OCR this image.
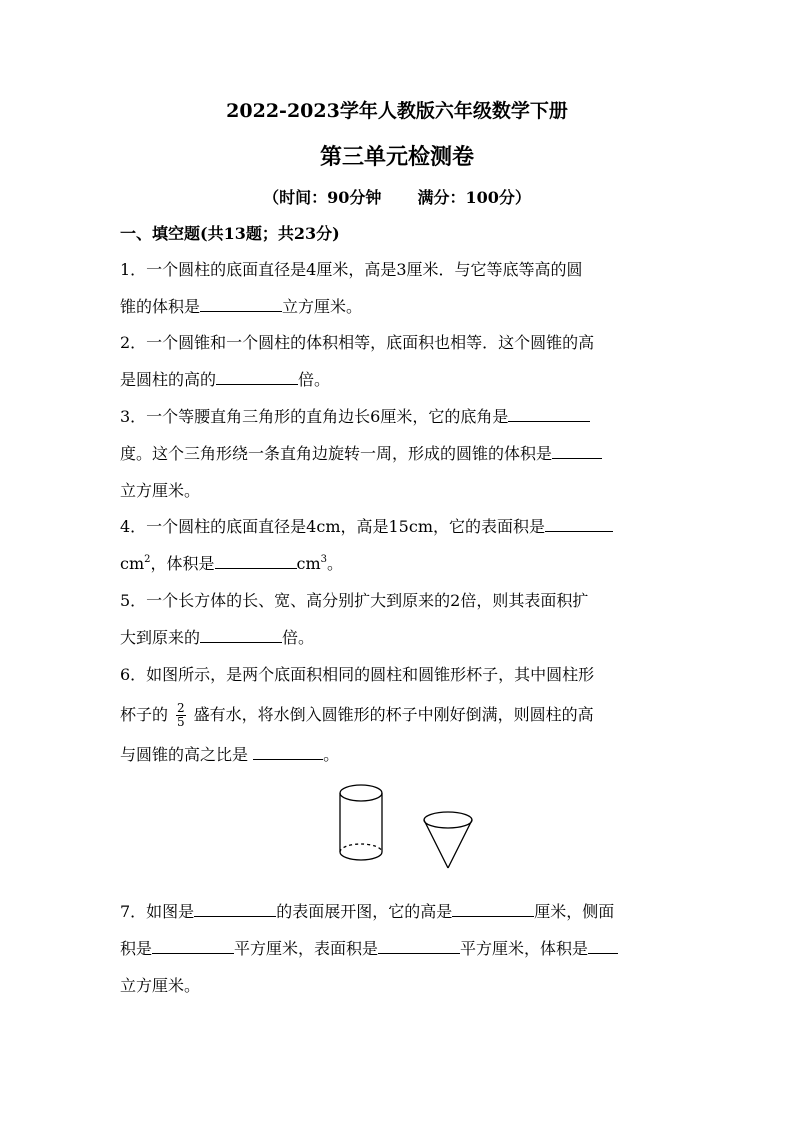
2022-2023学年人教版六年级数学下册
第三单元检测卷
（时间：90分钟 满分：100分）
一、填空题(共13题；共23分)

1．一个圆柱的底面直径是4厘米，高是3厘米．与它等底等高的圆

锥的体积是	立方厘米。

2．一个圆锥和一个圆柱的体积相等，底面积也相等．这个圆锥的高

是圆柱的高的	倍。

3．一个等腰直角三角形的直角边长6厘米，它的底角是

度。这个三角形绕一条直角边旋转一周，形成的圆锥的体积是

立方厘米。

4．一个圆柱的底面直径是4cm，高是15cm，它的表面积是

$cm^2$，体积是	$cm^3$。

5．一个长方体的长、宽、高分别扩大到原来的2倍，则其表面积扩

大到原来的	倍。

6．如图所示，是两个底面积相同的圆柱和圆锥形杯子，其中圆柱形

杯子的 $\frac{2}{5}$ 盛有水，将水倒入圆锥形的杯子中刚好倒满，则圆柱的高

与圆锥的高之比是	。

7．如图是	的表面展开图，它的高是	厘米，侧面

积是	平方厘米，表面积是	平方厘米，体积是

立方厘米。
